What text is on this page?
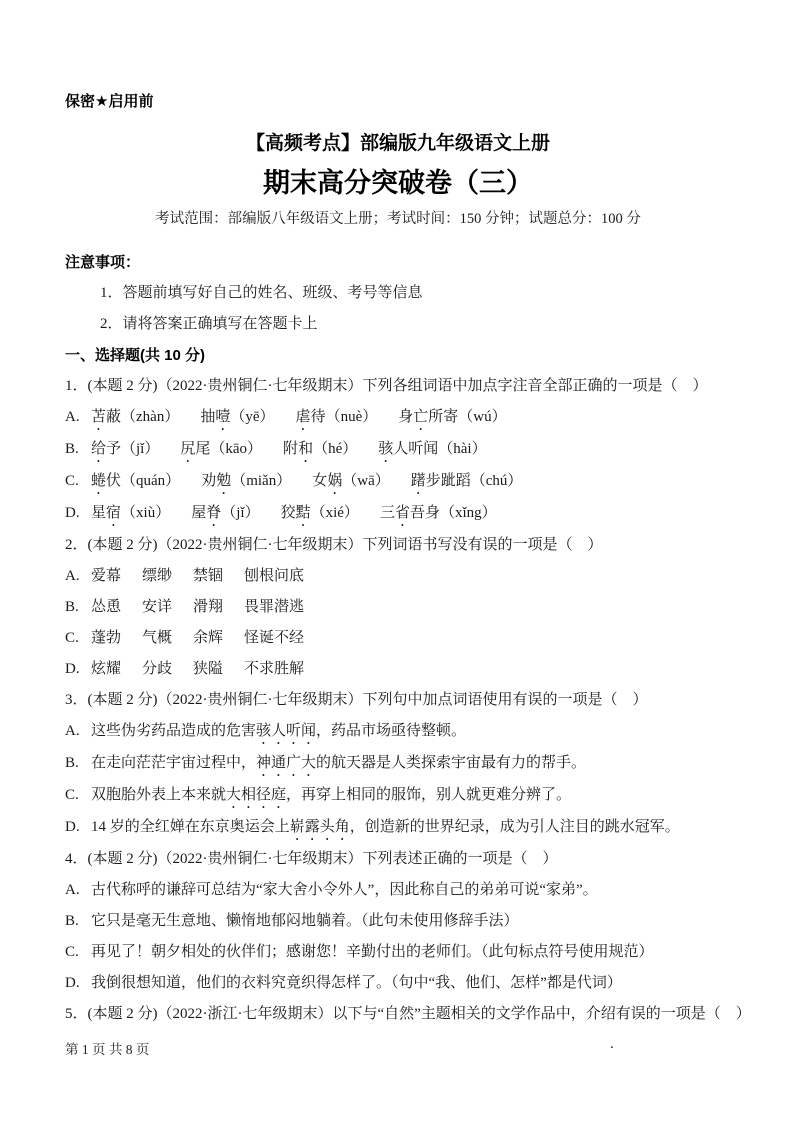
保密★启用前
【高频考点】部编版九年级语文上册
期末高分突破卷（三）
考试范围：部编版八年级语文上册；考试时间：150 分钟；试题总分：100 分
注意事项：
1．答题前填写好自己的姓名、班级、考号等信息
2．请将答案正确填写在答题卡上
一、选择题(共 10 分)
1．(本题 2 分)（2022·贵州铜仁·七年级期末）下列各组词语中加点字注音全部正确的一项是（　）
A. 苫蔽（zhàn） 抽噎（yē） 虐待（nuè） 身亡所寄（wú）
B. 给予（jǐ） 尻尾（kāo） 附和（hé） 骇人听闻（hài）
C. 蜷伏（quán） 劝勉（miǎn） 女娲（wā） 躇步跐蹈（chú）
D. 星宿（xiù） 屋脊（jǐ） 狡黠（xié） 三省吾身（xǐng）
2．(本题 2 分)（2022·贵州铜仁·七年级期末）下列词语书写没有误的一项是（　）
A. 爱幕 缥缈 禁锢 刨根问底
B. 怂恿 安详 滑翔 畏罪潜逃
C. 蓬勃 气概 余辉 怪诞不经
D. 炫耀 分歧 狭隘 不求胜解
3．(本题 2 分)（2022·贵州铜仁·七年级期末）下列句中加点词语使用有误的一项是（　）
A. 这些伪劣药品造成的危害骇人听闻，药品市场亟待整顿。
B. 在走向茫茫宇宙过程中，神通广大的航天器是人类探索宇宙最有力的帮手。
C. 双胞胎外表上本来就大相径庭，再穿上相同的服饰，别人就更难分辨了。
D. 14 岁的全红婵在东京奥运会上崭露头角，创造新的世界纪录，成为引人注目的跳水冠军。
4．(本题 2 分)（2022·贵州铜仁·七年级期末）下列表述正确的一项是（　）
A. 古代称呼的谦辞可总结为“家大舍小令外人”，因此称自己的弟弟可说“家弟”。
B. 它只是毫无生意地、懒惰地郁闷地躺着。（此句未使用修辞手法）
C. 再见了！朝夕相处的伙伴们；感谢您！辛勤付出的老师们。（此句标点符号使用规范）
D. 我倒很想知道，他们的衣料究竟织得怎样了。（句中“我、他们、怎样”都是代词）
5．(本题 2 分)（2022·浙江·七年级期末）以下与“自然”主题相关的文学作品中，介绍有误的一项是（　）
第 1 页 共 8 页	.
